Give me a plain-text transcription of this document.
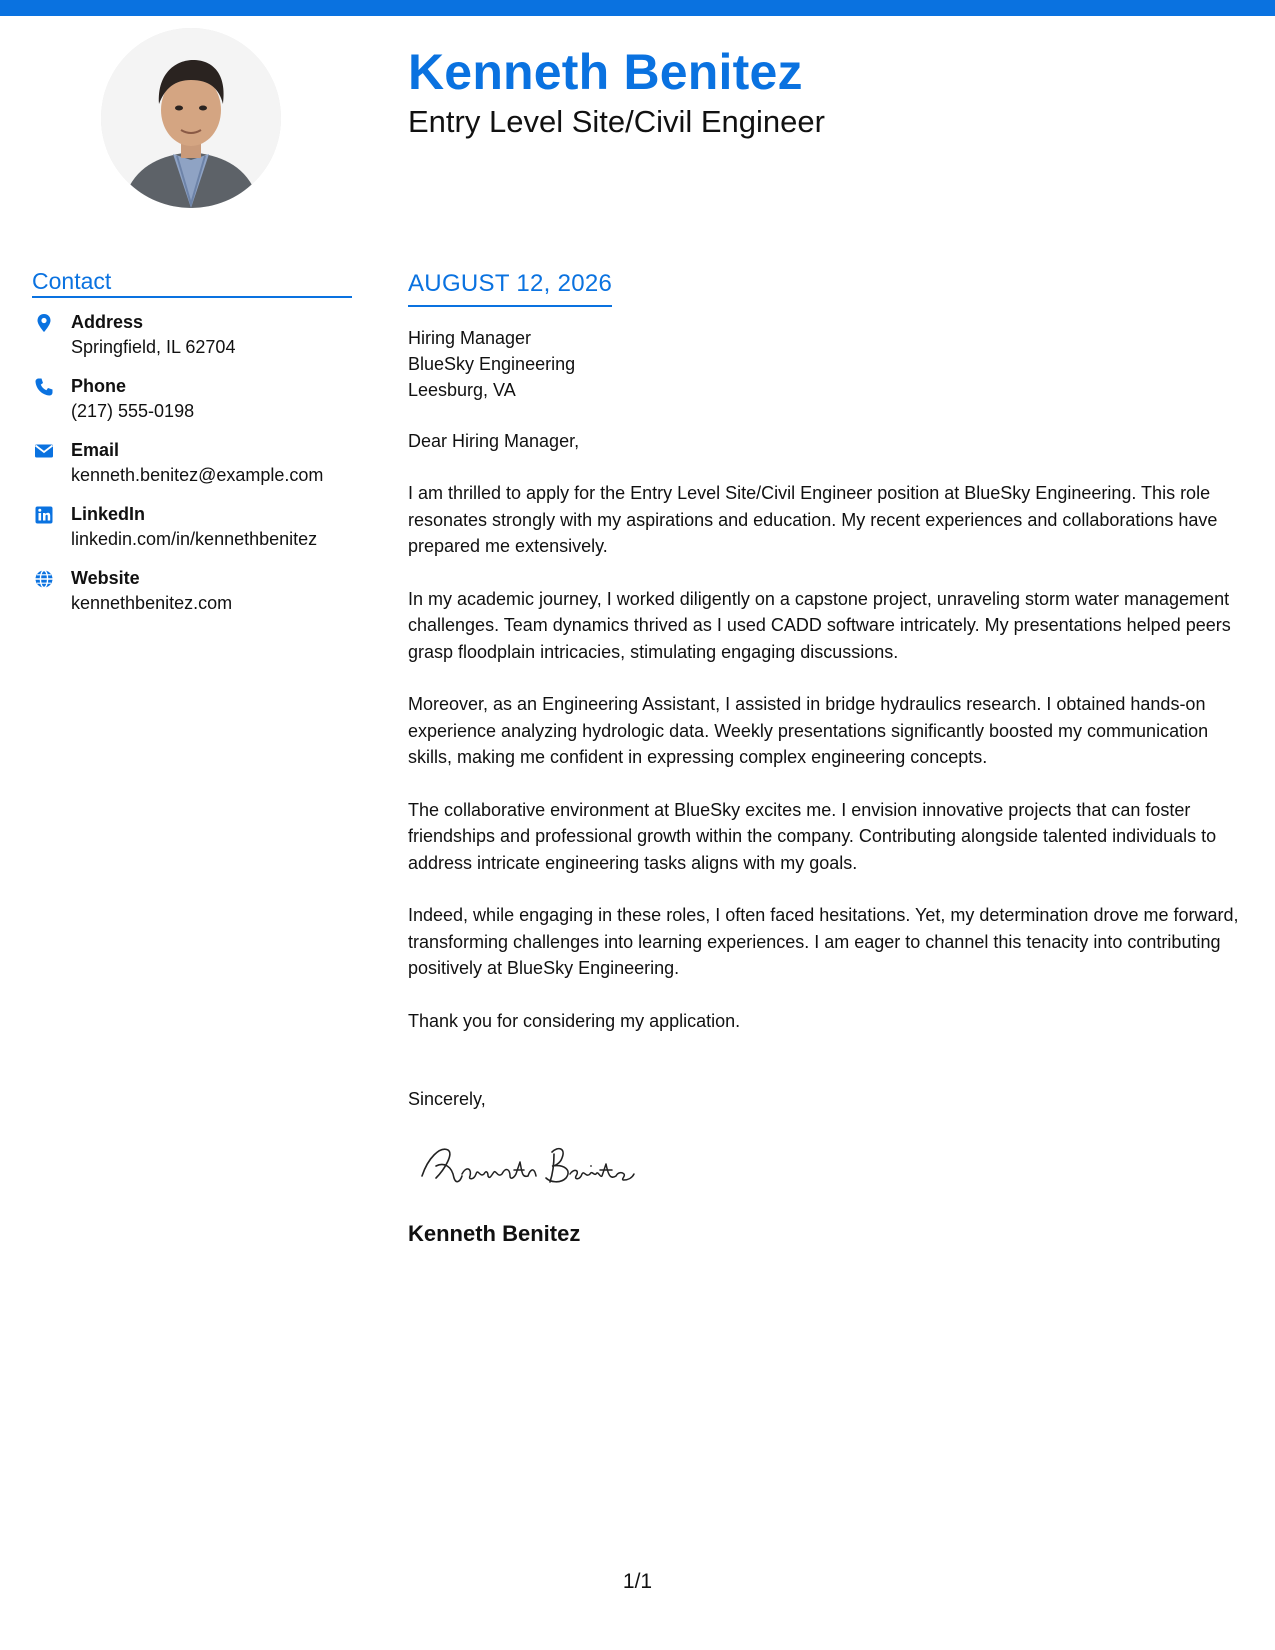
Kenneth Benitez
Entry Level Site/Civil Engineer
Contact
Address
Springfield, IL 62704
Phone
(217) 555-0198
Email
kenneth.benitez@example.com
LinkedIn
linkedin.com/in/kennethbenitez
Website
kennethbenitez.com
AUGUST 12, 2026
Hiring Manager
BlueSky Engineering
Leesburg, VA

Dear Hiring Manager,

I am thrilled to apply for the Entry Level Site/Civil Engineer position at BlueSky Engineering. This role resonates strongly with my aspirations and education. My recent experiences and collaborations have prepared me extensively.

In my academic journey, I worked diligently on a capstone project, unraveling storm water management challenges. Team dynamics thrived as I used CADD software intricately. My presentations helped peers grasp floodplain intricacies, stimulating engaging discussions.

Moreover, as an Engineering Assistant, I assisted in bridge hydraulics research. I obtained hands-on experience analyzing hydrologic data. Weekly presentations significantly boosted my communication skills, making me confident in expressing complex engineering concepts.

The collaborative environment at BlueSky excites me. I envision innovative projects that can foster friendships and professional growth within the company. Contributing alongside talented individuals to address intricate engineering tasks aligns with my goals.

Indeed, while engaging in these roles, I often faced hesitations. Yet, my determination drove me forward, transforming challenges into learning experiences. I am eager to channel this tenacity into contributing positively at BlueSky Engineering.

Thank you for considering my application.

Sincerely,

Kenneth Benitez
1/1
